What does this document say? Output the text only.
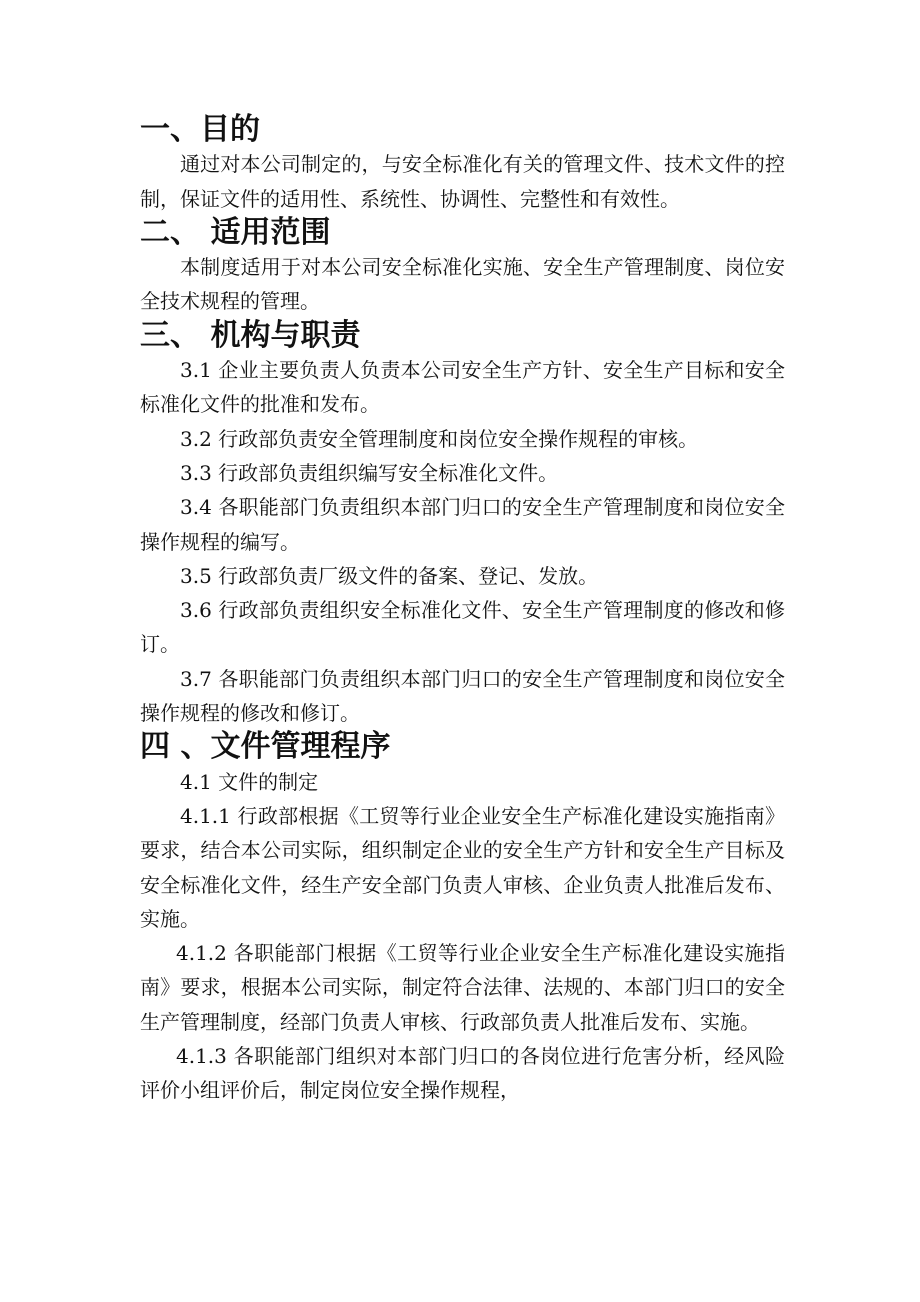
一、目的

通过对本公司制定的，与安全标准化有关的管理文件、技术文件的控制，保证文件的适用性、系统性、协调性、完整性和有效性。

二、 适用范围

本制度适用于对本公司安全标准化实施、安全生产管理制度、岗位安全技术规程的管理。

三、 机构与职责

3.1 企业主要负责人负责本公司安全生产方针、安全生产目标和安全标准化文件的批准和发布。

3.2 行政部负责安全管理制度和岗位安全操作规程的审核。

3.3 行政部负责组织编写安全标准化文件。

3.4 各职能部门负责组织本部门归口的安全生产管理制度和岗位安全操作规程的编写。

3.5 行政部负责厂级文件的备案、登记、发放。

3.6 行政部负责组织安全标准化文件、安全生产管理制度的修改和修订。

3.7 各职能部门负责组织本部门归口的安全生产管理制度和岗位安全操作规程的修改和修订。

四 、文件管理程序

4.1 文件的制定

4.1.1 行政部根据《工贸等行业企业安全生产标准化建设实施指南》要求，结合本公司实际，组织制定企业的安全生产方针和安全生产目标及安全标准化文件，经生产安全部门负责人审核、企业负责人批准后发布、实施。

4.1.2 各职能部门根据《工贸等行业企业安全生产标准化建设实施指南》要求，根据本公司实际，制定符合法律、法规的、本部门归口的安全生产管理制度，经部门负责人审核、行政部负责人批准后发布、实施。

4.1.3 各职能部门组织对本部门归口的各岗位进行危害分析，经风险评价小组评价后，制定岗位安全操作规程，
